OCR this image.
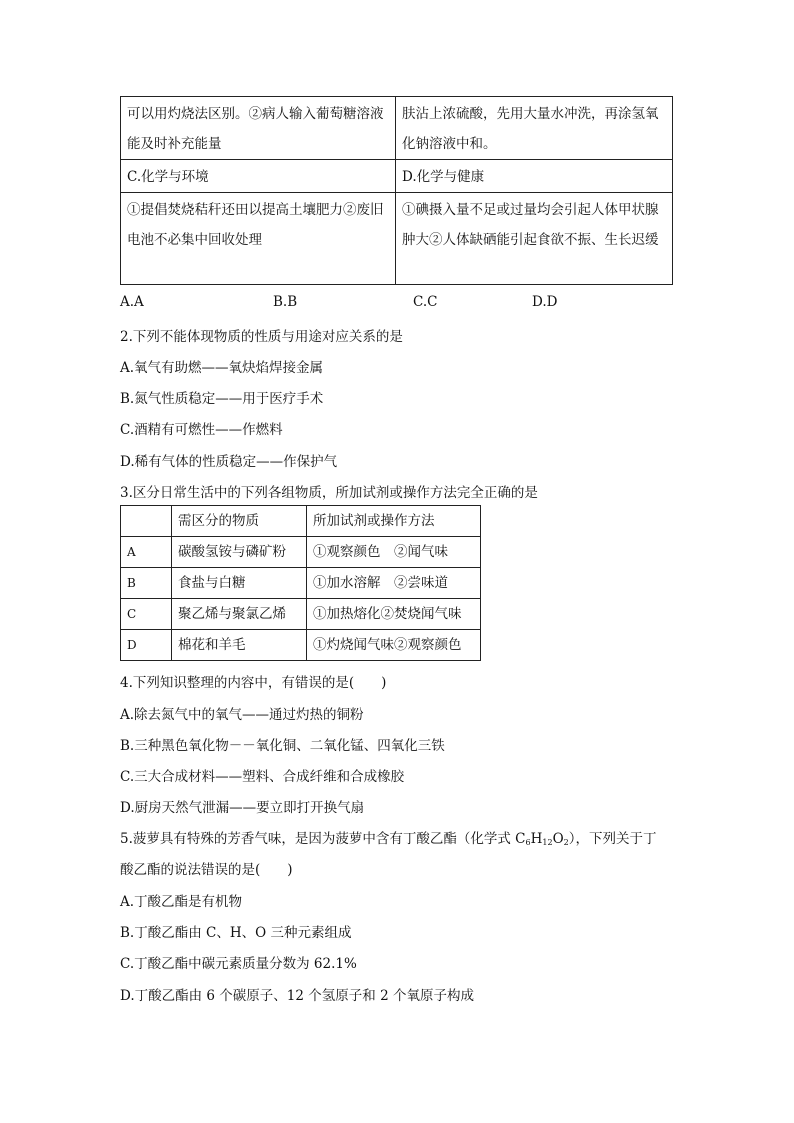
可以用灼烧法区别。②病人输入葡萄糖溶液能及时补充能量	肤沾上浓硫酸，先用大量水冲洗，再涂氢氧化钠溶液中和。
C.化学与环境	D.化学与健康
①提倡焚烧秸秆还田以提高土壤肥力②废旧电池不必集中回收处理	①碘摄入量不足或过量均会引起人体甲状腺肿大②人体缺硒能引起食欲不振、生长迟缓
A.A	B.B	C.C	D.D
2.下列不能体现物质的性质与用途对应关系的是
A.氧气有助燃——氧炔焰焊接金属
B.氮气性质稳定——用于医疗手术
C.酒精有可燃性——作燃料
D.稀有气体的性质稳定——作保护气
3.区分日常生活中的下列各组物质，所加试剂或操作方法完全正确的是
	需区分的物质	所加试剂或操作方法
A	碳酸氢铵与磷矿粉	①观察颜色　②闻气味
B	食盐与白糖	①加水溶解　②尝味道
C	聚乙烯与聚氯乙烯	①加热熔化②焚烧闻气味
D	棉花和羊毛	①灼烧闻气味②观察颜色
4.下列知识整理的内容中，有错误的是(　　)
A.除去氮气中的氧气——通过灼热的铜粉
B.三种黑色氧化物－－氧化铜、二氧化锰、四氧化三铁
C.三大合成材料——塑料、合成纤维和合成橡胶
D.厨房天然气泄漏——要立即打开换气扇
5.菠萝具有特殊的芳香气味，是因为菠萝中含有丁酸乙酯（化学式 $C_6H_{12}O_2$），下列关于丁
酸乙酯的说法错误的是(　　)
A.丁酸乙酯是有机物
B.丁酸乙酯由 C、H、O 三种元素组成
C.丁酸乙酯中碳元素质量分数为 62.1%
D.丁酸乙酯由 6 个碳原子、12 个氢原子和 2 个氧原子构成
